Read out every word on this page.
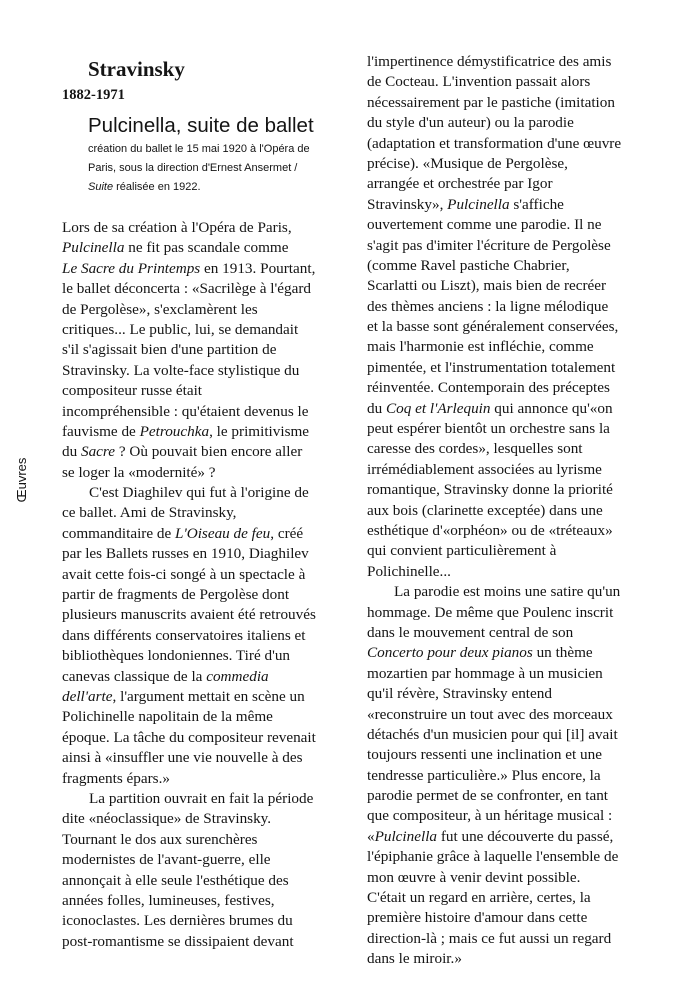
Stravinsky
1882-1971
Pulcinella, suite de ballet
création du ballet le 15 mai 1920 à l'Opéra de
Paris, sous la direction d'Ernest Ansermet /
Suite réalisée en 1922.
Œuvres
Lors de sa création à l'Opéra de Paris,
Pulcinella ne fit pas scandale comme
Le Sacre du Printemps en 1913. Pourtant,
le ballet déconcerta : «Sacrilège à l'égard
de Pergolèse», s'exclamèrent les
critiques... Le public, lui, se demandait
s'il s'agissait bien d'une partition de
Stravinsky. La volte-face stylistique du
compositeur russe était
incompréhensible : qu'étaient devenus le
fauvisme de Petrouchka, le primitivisme
du Sacre ? Où pouvait bien encore aller
se loger la «modernité» ?
C'est Diaghilev qui fut à l'origine de
ce ballet. Ami de Stravinsky,
commanditaire de L'Oiseau de feu, créé
par les Ballets russes en 1910, Diaghilev
avait cette fois-ci songé à un spectacle à
partir de fragments de Pergolèse dont
plusieurs manuscrits avaient été retrouvés
dans différents conservatoires italiens et
bibliothèques londoniennes. Tiré d'un
canevas classique de la commedia
dell'arte, l'argument mettait en scène un
Polichinelle napolitain de la même
époque. La tâche du compositeur revenait
ainsi à «insuffler une vie nouvelle à des
fragments épars.»
La partition ouvrait en fait la période
dite «néoclassique» de Stravinsky.
Tournant le dos aux surenchères
modernistes de l'avant-guerre, elle
annonçait à elle seule l'esthétique des
années folles, lumineuses, festives,
iconoclastes. Les dernières brumes du
post-romantisme se dissipaient devant
l'impertinence démystificatrice des amis
de Cocteau. L'invention passait alors
nécessairement par le pastiche (imitation
du style d'un auteur) ou la parodie
(adaptation et transformation d'une œuvre
précise). «Musique de Pergolèse,
arrangée et orchestrée par Igor
Stravinsky», Pulcinella s'affiche
ouvertement comme une parodie. Il ne
s'agit pas d'imiter l'écriture de Pergolèse
(comme Ravel pastiche Chabrier,
Scarlatti ou Liszt), mais bien de recréer
des thèmes anciens : la ligne mélodique
et la basse sont généralement conservées,
mais l'harmonie est infléchie, comme
pimentée, et l'instrumentation totalement
réinventée. Contemporain des préceptes
du Coq et l'Arlequin qui annonce qu'«on
peut espérer bientôt un orchestre sans la
caresse des cordes», lesquelles sont
irrémédiablement associées au lyrisme
romantique, Stravinsky donne la priorité
aux bois (clarinette exceptée) dans une
esthétique d'«orphéon» ou de «tréteaux»
qui convient particulièrement à
Polichinelle...
La parodie est moins une satire qu'un
hommage. De même que Poulenc inscrit
dans le mouvement central de son
Concerto pour deux pianos un thème
mozartien par hommage à un musicien
qu'il révère, Stravinsky entend
«reconstruire un tout avec des morceaux
détachés d'un musicien pour qui [il] avait
toujours ressenti une inclination et une
tendresse particulière.» Plus encore, la
parodie permet de se confronter, en tant
que compositeur, à un héritage musical :
«Pulcinella fut une découverte du passé,
l'épiphanie grâce à laquelle l'ensemble de
mon œuvre à venir devint possible.
C'était un regard en arrière, certes, la
première histoire d'amour dans cette
direction-là ; mais ce fut aussi un regard
dans le miroir.»
